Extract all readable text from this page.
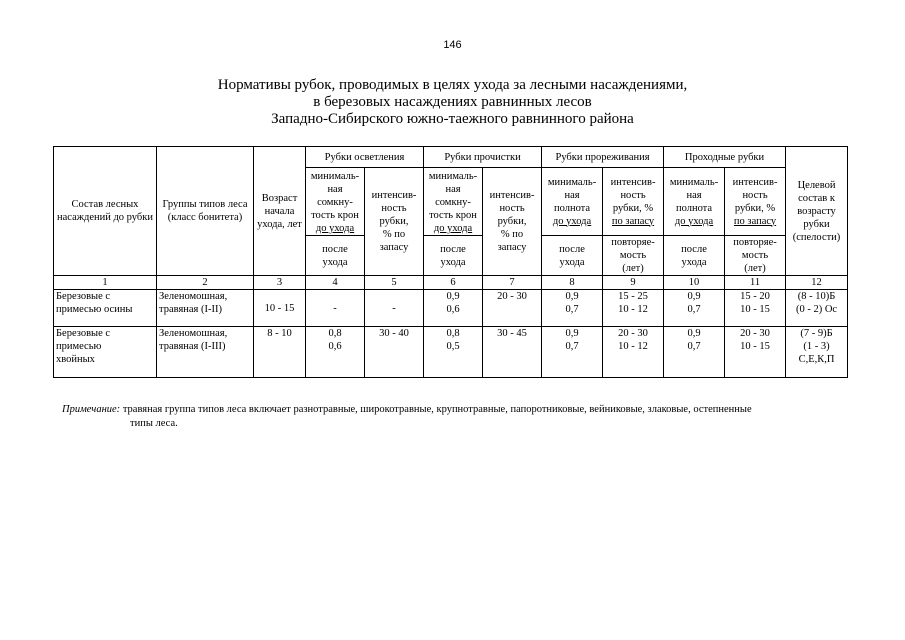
146
Нормативы рубок, проводимых в целях ухода за лесными насаждениями,
в березовых насаждениях равнинных лесов
Западно-Сибирского южно-таежного равнинного района
Состав лесных насаждений до рубки	Группы типов леса (класс бонитета)	Возраст начала ухода, лет	Рубки осветления		Рубки прочистки		Рубки прореживания		Проходные рубки		Целевой состав к возрасту рубки (спелости)

			минималь-
ная
сомкну-
тость крон
до ухода	интенсив-
ность
рубки,
% по
запасу	минималь-
ная
сомкну-
тость крон
до ухода	интенсив-
ность
рубки,
% по
запасу	минималь-
ная
полнота
до ухода	интенсив-
ность
рубки, %
по запасу	минималь-
ная
полнота
до ухода	интенсив-
ность
рубки, %
по запасу	

			после
ухода		после
ухода		после
ухода	повторяе-
мость
(лет)	после
ухода	повторяе-
мость
(лет)	

1	2	3	4	5	6	7	8	9	10	11	12

Березовые с
примесью осины	Зеленомошная,
травяная (I-II)	10 - 15	-	-	0,9
0,6	20 - 30	0,9
0,7	15 - 25
10 - 12	0,9
0,7	15 - 20
10 - 15	(8 - 10)Б
(0 - 2) Ос

Березовые с
примесью
хвойных	Зеленомошная,
травяная (I-III)	8 - 10	0,8
0,6	30 - 40	0,8
0,5	30 - 45	0,9
0,7	20 - 30
10 - 12	0,9
0,7	20 - 30
10 - 15	(7 - 9)Б
(1 - 3)
С,Е,К,П
Примечание: травяная группа типов леса включает разнотравные, широкотравные, крупнотравные, папоротниковые, вейниковые, злаковые, остепненные
типы леса.
